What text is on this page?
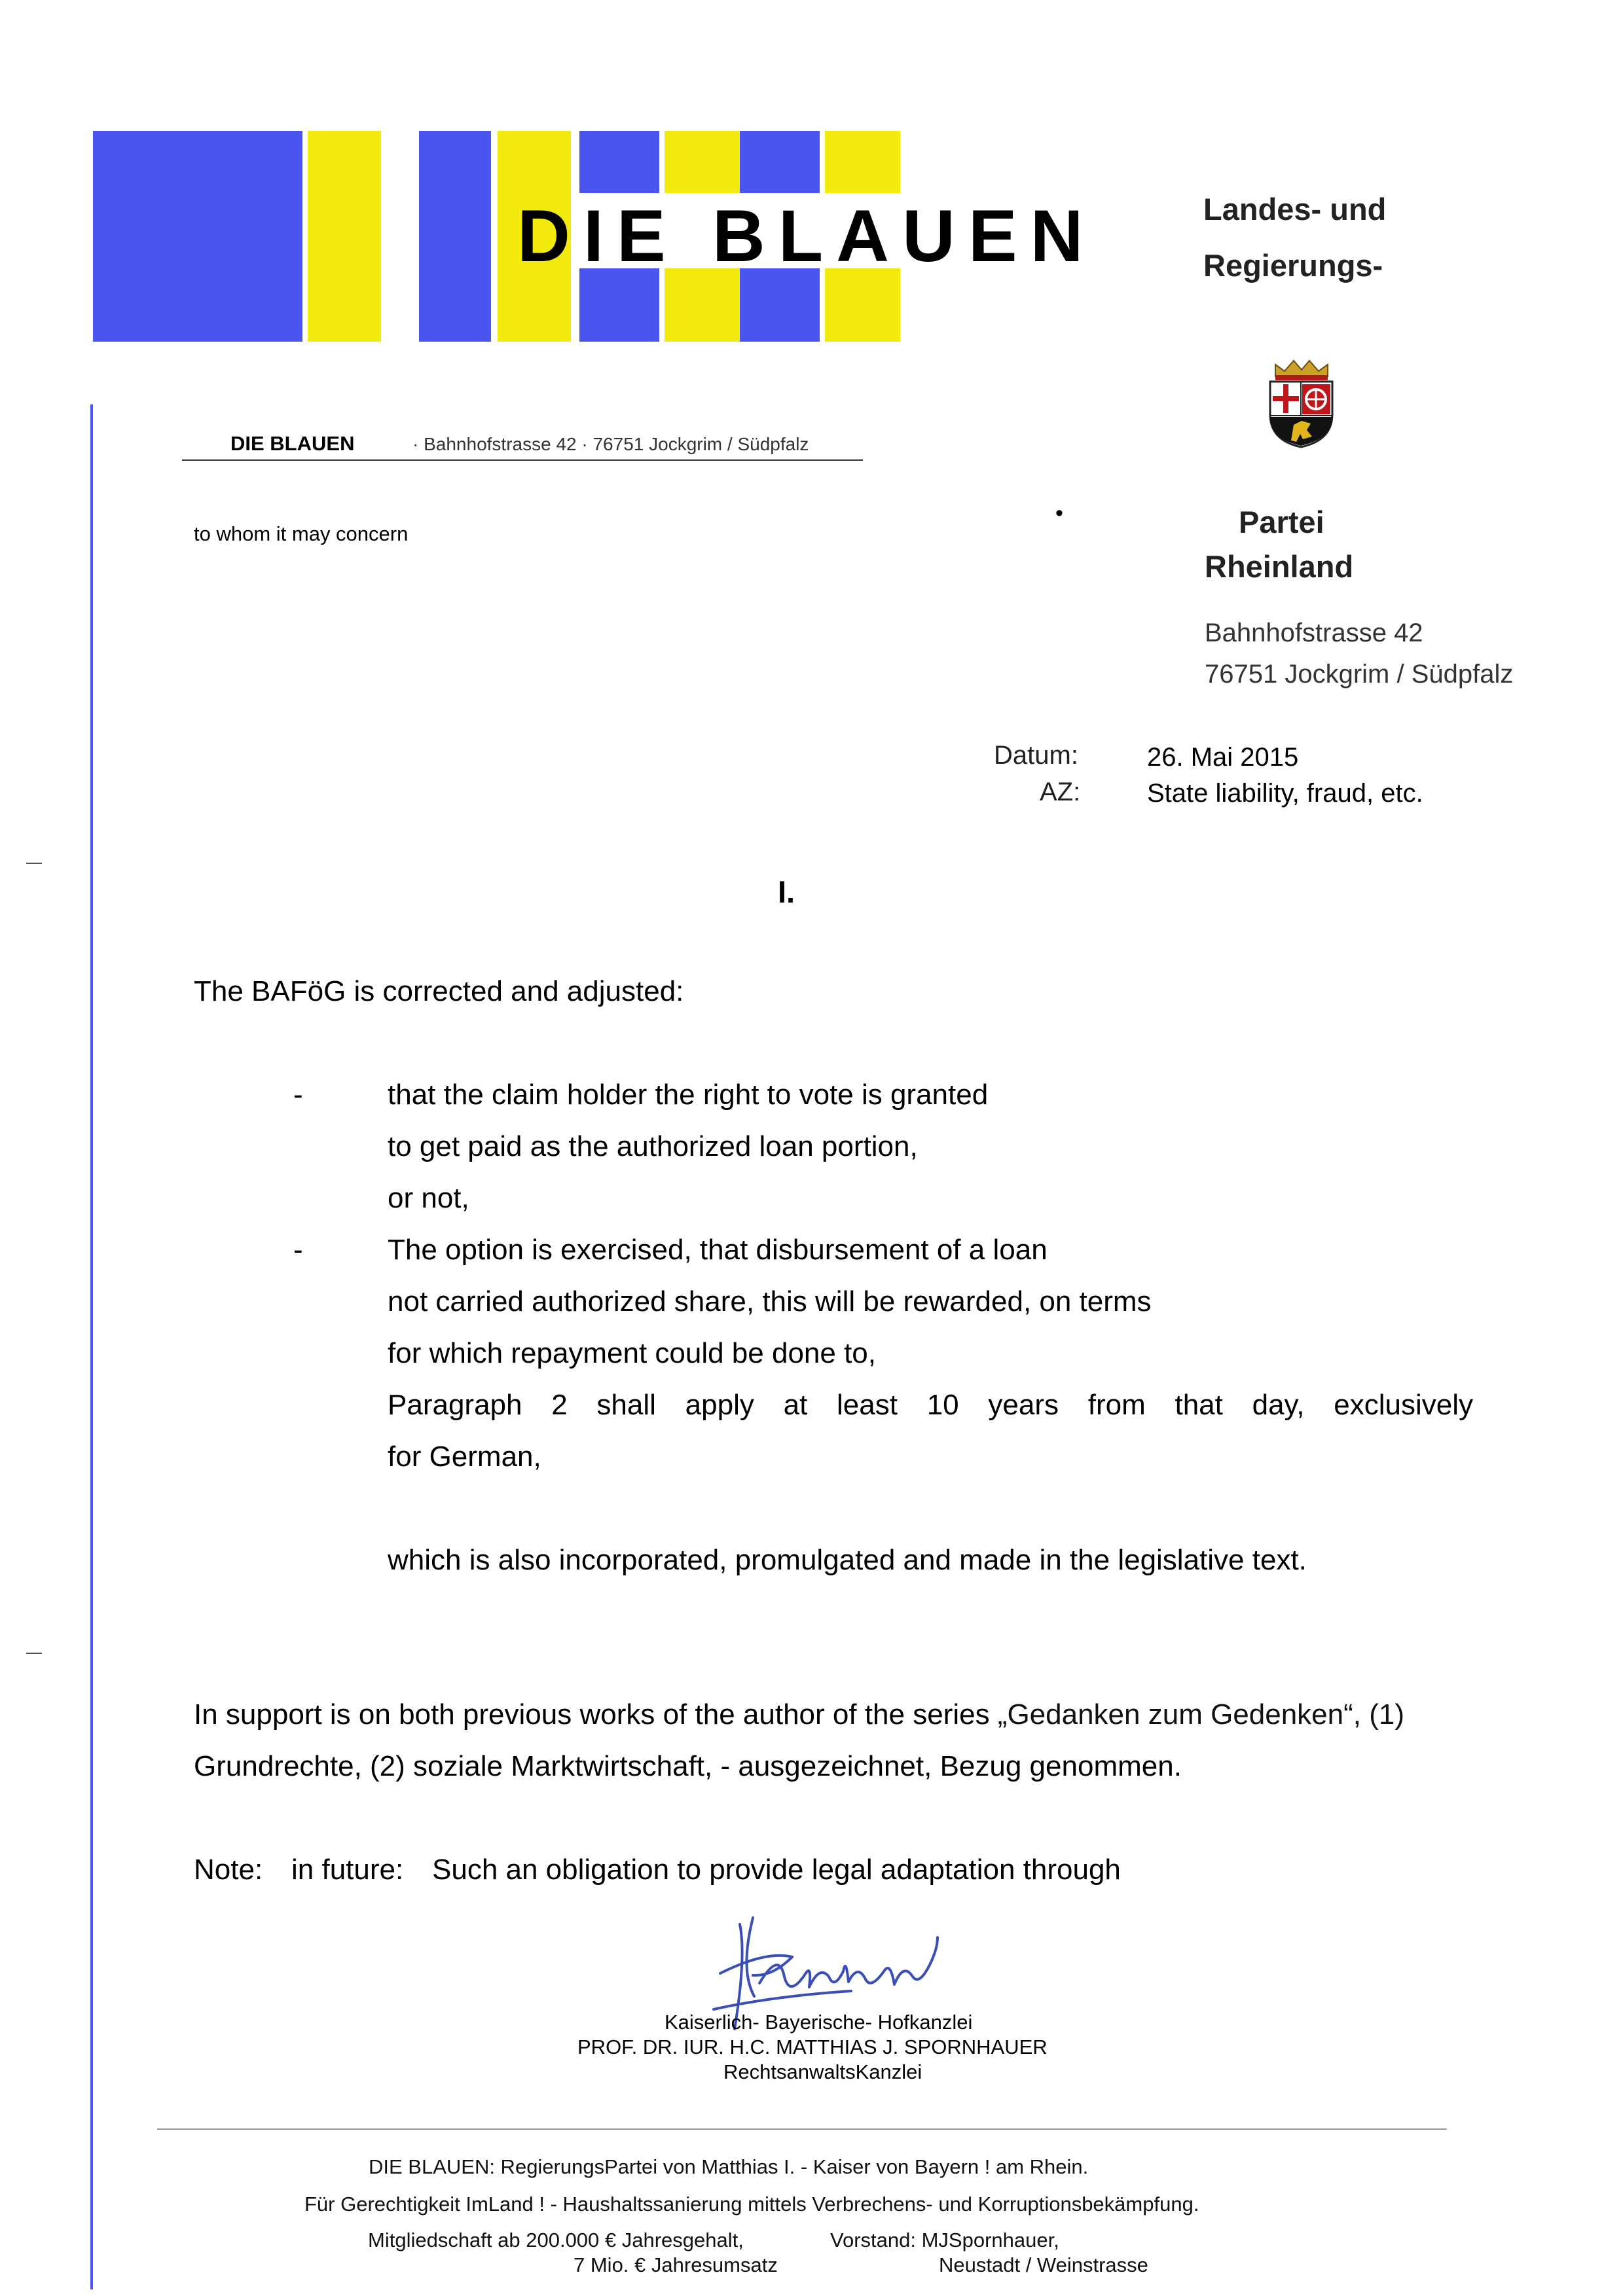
DIE BLAUEN	Landes- und
Regierungs-
DIE BLAUEN	· Bahnhofstrasse 42 · 76751 Jockgrim / Südpfalz
to whom it may concern
•	Partei
Rheinland
Bahnhofstrasse 42
76751 Jockgrim / Südpfalz
Datum:	26. Mai 2015
AZ:	State liability, fraud, etc.
I.
The BAFöG is corrected and adjusted:
-	that the claim holder the right to vote is granted
to get paid as the authorized loan portion,
or not,
-	The option is exercised, that disbursement of a loan
not carried authorized share, this will be rewarded, on terms
for which repayment could be done to,
Paragraph 2 shall apply at least 10 years from that day, exclusively
for German,
which is also incorporated, promulgated and made in the legislative text.
In support is on both previous works of the author of the series „Gedanken zum Gedenken“, (1)
Grundrechte, (2) soziale Marktwirtschaft, - ausgezeichnet, Bezug genommen.
Note: in future: Such an obligation to provide legal adaptation through
Kaiserlich- Bayerische- Hofkanzlei
PROF. DR. IUR. H.C. MATTHIAS J. SPORNHAUER
RechtsanwaltsKanzlei
DIE BLAUEN: RegierungsPartei von Matthias I. - Kaiser von Bayern ! am Rhein.
Für Gerechtigkeit ImLand ! - Haushaltssanierung mittels Verbrechens- und Korruptionsbekämpfung.
Mitgliedschaft ab 200.000 € Jahresgehalt,	Vorstand: MJSpornhauer,
7 Mio. € Jahresumsatz	Neustadt / Weinstrasse
